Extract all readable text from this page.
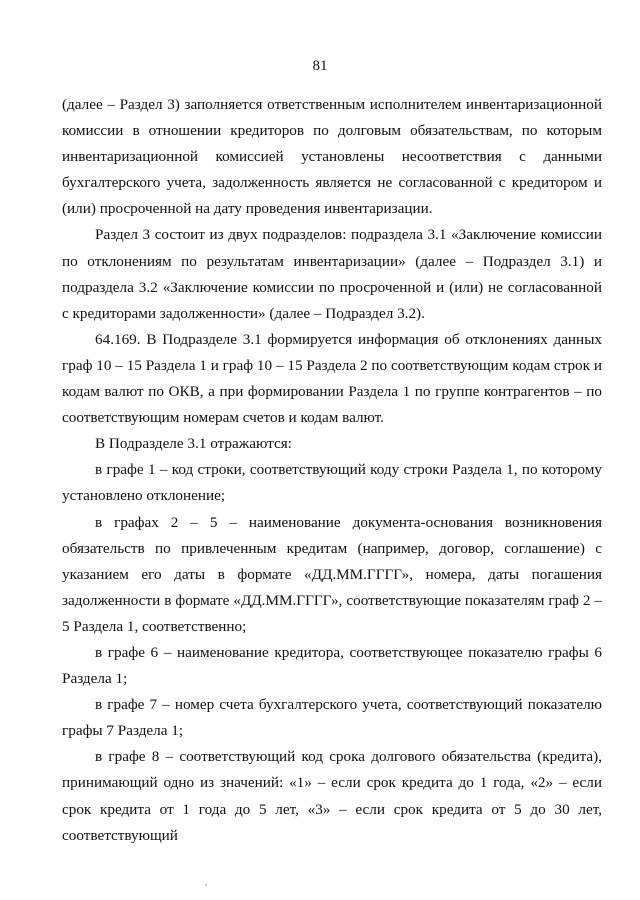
81

(далее – Раздел 3) заполняется ответственным исполнителем инвентаризационной комиссии в отношении кредиторов по долговым обязательствам, по которым инвентаризационной комиссией установлены несоответствия с данными бухгалтерского учета, задолженность является не согласованной с кредитором и (или) просроченной на дату проведения инвентаризации.

Раздел 3 состоит из двух подразделов: подраздела 3.1 «Заключение комиссии по отклонениям по результатам инвентаризации» (далее – Подраздел 3.1) и подраздела 3.2 «Заключение комиссии по просроченной и (или) не согласованной с кредиторами задолженности» (далее – Подраздел 3.2).

64.169. В Подразделе 3.1 формируется информация об отклонениях данных граф 10 – 15 Раздела 1 и граф 10 – 15 Раздела 2 по соответствующим кодам строк и кодам валют по ОКВ, а при формировании Раздела 1 по группе контрагентов – по соответствующим номерам счетов и кодам валют.

В Подразделе 3.1 отражаются:

в графе 1 – код строки, соответствующий коду строки Раздела 1, по которому установлено отклонение;

в графах 2 – 5 – наименование документа-основания возникновения обязательств по привлеченным кредитам (например, договор, соглашение) с указанием его даты в формате «ДД.ММ.ГГГГ», номера, даты погашения задолженности в формате «ДД.ММ.ГГГГ», соответствующие показателям граф 2 – 5 Раздела 1, соответственно;

в графе 6 – наименование кредитора, соответствующее показателю графы 6 Раздела 1;

в графе 7 – номер счета бухгалтерского учета, соответствующий показателю графы 7 Раздела 1;

в графе 8 – соответствующий код срока долгового обязательства (кредита), принимающий одно из значений: «1» – если срок кредита до 1 года, «2» – если срок кредита от 1 года до 5 лет, «3» – если срок кредита от 5 до 30 лет, соответствующий
